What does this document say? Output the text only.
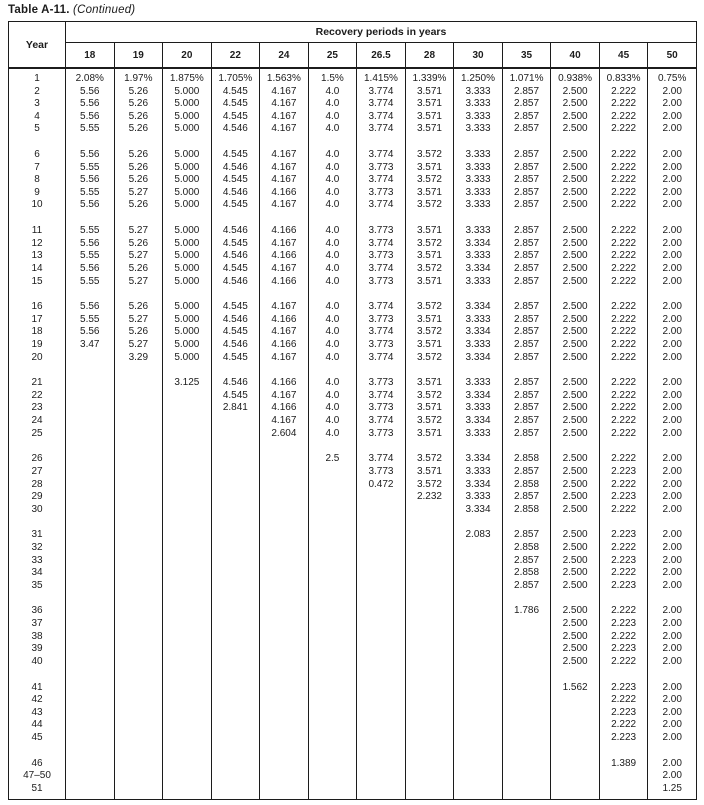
Table A-11. (Continued)
Year	Recovery periods in years												
	18	19	20	22	24	25	26.5	28	30	35	40	45	50

1	2.08%	1.97%	1.875%	1.705%	1.563%	1.5%	1.415%	1.339%	1.250%	1.071%	0.938%	0.833%	0.75%
2	5.56	5.26	5.000	4.545	4.167	4.0	3.774	3.571	3.333	2.857	2.500	2.222	2.00
3	5.56	5.26	5.000	4.545	4.167	4.0	3.774	3.571	3.333	2.857	2.500	2.222	2.00
4	5.56	5.26	5.000	4.545	4.167	4.0	3.774	3.571	3.333	2.857	2.500	2.222	2.00
5	5.55	5.26	5.000	4.546	4.167	4.0	3.774	3.571	3.333	2.857	2.500	2.222	2.00

6	5.56	5.26	5.000	4.545	4.167	4.0	3.774	3.572	3.333	2.857	2.500	2.222	2.00
7	5.55	5.26	5.000	4.546	4.167	4.0	3.773	3.571	3.333	2.857	2.500	2.222	2.00
8	5.56	5.26	5.000	4.545	4.167	4.0	3.774	3.572	3.333	2.857	2.500	2.222	2.00
9	5.55	5.27	5.000	4.546	4.166	4.0	3.773	3.571	3.333	2.857	2.500	2.222	2.00
10	5.56	5.26	5.000	4.545	4.167	4.0	3.774	3.572	3.333	2.857	2.500	2.222	2.00

11	5.55	5.27	5.000	4.546	4.166	4.0	3.773	3.571	3.333	2.857	2.500	2.222	2.00
12	5.56	5.26	5.000	4.545	4.167	4.0	3.774	3.572	3.334	2.857	2.500	2.222	2.00
13	5.55	5.27	5.000	4.546	4.166	4.0	3.773	3.571	3.333	2.857	2.500	2.222	2.00
14	5.56	5.26	5.000	4.545	4.167	4.0	3.774	3.572	3.334	2.857	2.500	2.222	2.00
15	5.55	5.27	5.000	4.546	4.166	4.0	3.773	3.571	3.333	2.857	2.500	2.222	2.00

16	5.56	5.26	5.000	4.545	4.167	4.0	3.774	3.572	3.334	2.857	2.500	2.222	2.00
17	5.55	5.27	5.000	4.546	4.166	4.0	3.773	3.571	3.333	2.857	2.500	2.222	2.00
18	5.56	5.26	5.000	4.545	4.167	4.0	3.774	3.572	3.334	2.857	2.500	2.222	2.00
19	3.47	5.27	5.000	4.546	4.166	4.0	3.773	3.571	3.333	2.857	2.500	2.222	2.00
20		3.29	5.000	4.545	4.167	4.0	3.774	3.572	3.334	2.857	2.500	2.222	2.00

21			3.125	4.546	4.166	4.0	3.773	3.571	3.333	2.857	2.500	2.222	2.00
22				4.545	4.167	4.0	3.774	3.572	3.334	2.857	2.500	2.222	2.00
23				2.841	4.166	4.0	3.773	3.571	3.333	2.857	2.500	2.222	2.00
24					4.167	4.0	3.774	3.572	3.334	2.857	2.500	2.222	2.00
25					2.604	4.0	3.773	3.571	3.333	2.857	2.500	2.222	2.00

26						2.5	3.774	3.572	3.334	2.858	2.500	2.222	2.00
27							3.773	3.571	3.333	2.857	2.500	2.223	2.00
28							0.472	3.572	3.334	2.858	2.500	2.222	2.00
29								2.232	3.333	2.857	2.500	2.223	2.00
30									3.334	2.858	2.500	2.222	2.00

31									2.083	2.857	2.500	2.223	2.00
32										2.858	2.500	2.222	2.00
33										2.857	2.500	2.223	2.00
34										2.858	2.500	2.222	2.00
35										2.857	2.500	2.223	2.00

36										1.786	2.500	2.222	2.00
37											2.500	2.223	2.00
38											2.500	2.222	2.00
39											2.500	2.223	2.00
40											2.500	2.222	2.00

41											1.562	2.223	2.00
42												2.222	2.00
43												2.223	2.00
44												2.222	2.00
45												2.223	2.00

46												1.389	2.00
47–50													2.00
51													1.25
